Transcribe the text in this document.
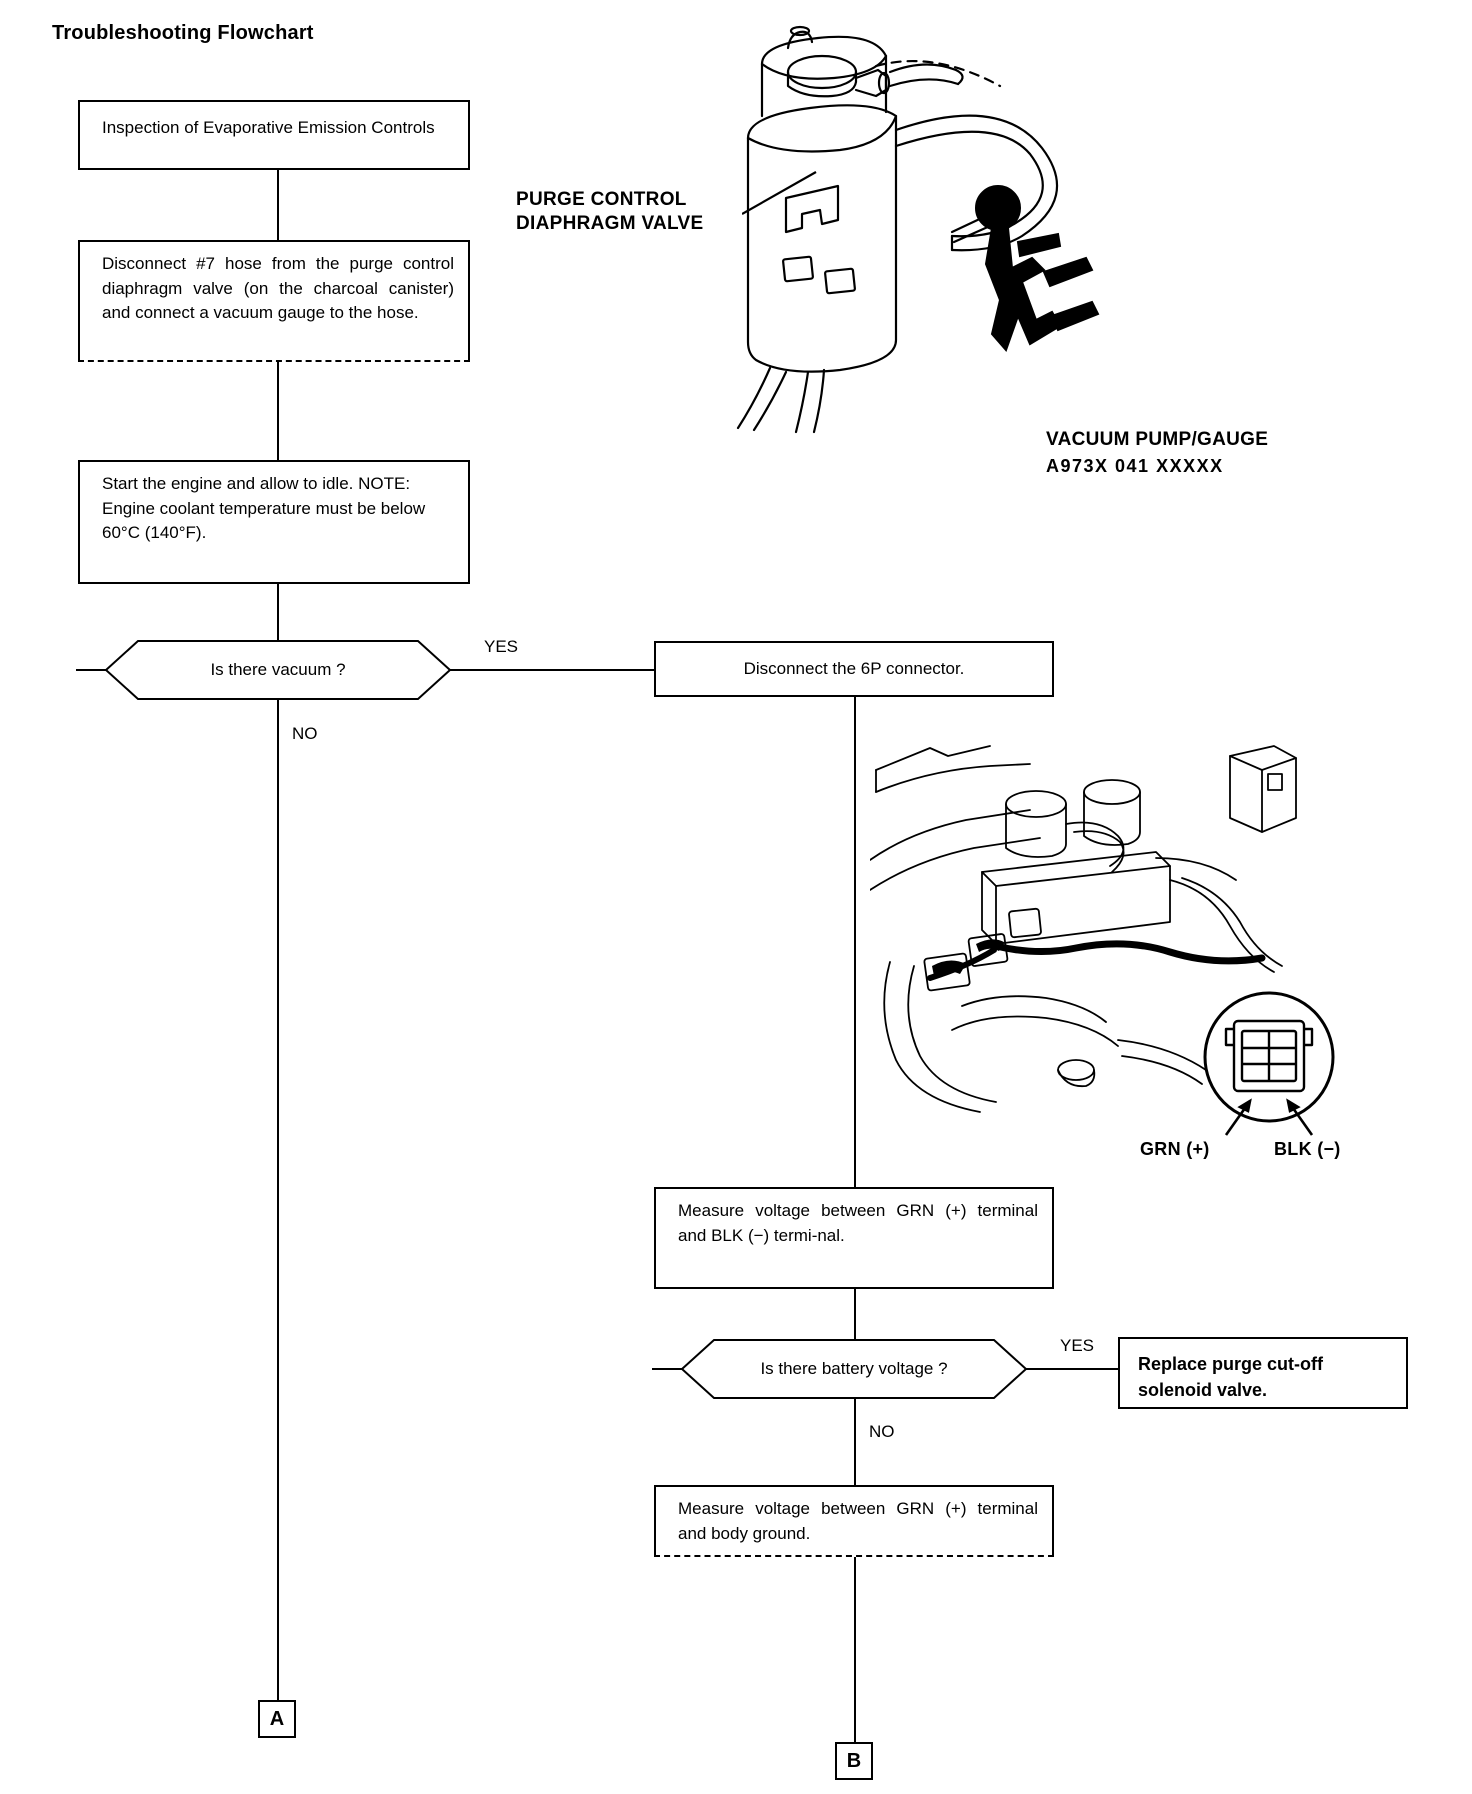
Troubleshooting Flowchart
Inspection of Evaporative Emission Controls
Disconnect #7 hose from the purge control diaphragm valve (on the charcoal canister) and connect a vacuum gauge to the hose.
Start the engine and allow to idle. NOTE: Engine coolant temperature must be below 60°C (140°F).
Is there vacuum ?
YES
NO
A
Disconnect the 6P connector.
Measure voltage between GRN (+) terminal and BLK (−) termi-nal.
Is there battery voltage ?
YES
Replace purge cut-off solenoid valve.
NO
Measure voltage between GRN (+) terminal and body ground.
B
PURGE CONTROL
DIAPHRAGM VALVE
VACUUM PUMP/GAUGE
A973X 041 XXXXX
GRN (+)	BLK (−)
